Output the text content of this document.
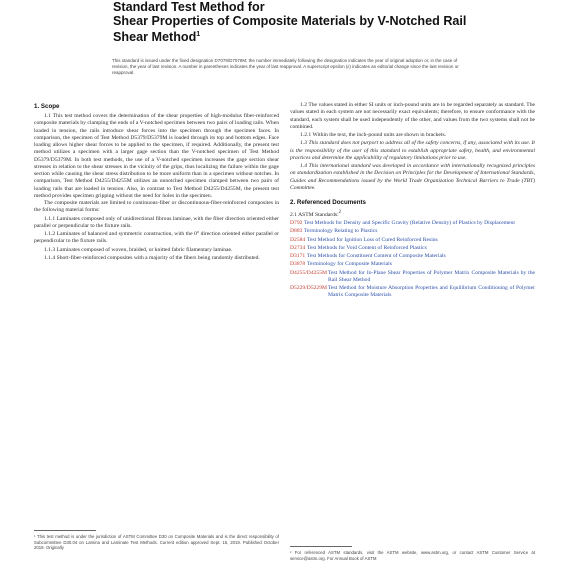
Standard Test Method for
Shear Properties of Composite Materials by V-Notched Rail
Shear Method$^1$
This standard is issued under the fixed designation D7078/D7078M; the number immediately following the designation indicates the year of original adoption or, in the case of revision, the year of last revision. A number in parentheses indicates the year of last reapproval. A superscript epsilon (ε) indicates an editorial change since the last revision or reapproval.
1. Scope

1.1 This test method covers the determination of the shear properties of high-modulus fiber-reinforced composite materials by clamping the ends of a V-notched specimen between two pairs of loading rails. When loaded in tension, the rails introduce shear forces into the specimen through the specimen faces. In comparison, the specimen of Test Method D5379/D5379M is loaded through its top and bottom edges. Face loading allows higher shear forces to be applied to the specimen, if required. Additionally, the present test method utilizes a specimen with a larger gage section than the V-notched specimen of Test Method D5379/D5379M. In both test methods, the use of a V-notched specimen increases the gage section shear stresses in relation to the shear stresses in the vicinity of the grips, thus localizing the failure within the gage section while causing the shear stress distribution to be more uniform than in a specimen without notches. In comparison, Test Method D4255/D4255M utilizes an unnotched specimen clamped between two pairs of loading rails that are loaded in tension. Also, in contrast to Test Method D4255/D4255M, the present test method provides specimen gripping without the need for holes in the specimen.

The composite materials are limited to continuous-fiber or discontinuous-fiber-reinforced composites in the following material forms:

1.1.1 Laminates composed only of unidirectional fibrous laminae, with the fiber direction oriented either parallel or perpendicular to the fixture rails.

1.1.2 Laminates of balanced and symmetric construction, with the 0° direction oriented either parallel or perpendicular to the fixture rails.

1.1.3 Laminates composed of woven, braided, or knitted fabric filamentary laminae.

1.1.4 Short-fiber-reinforced composites with a majority of the fibers being randomly distributed.

1.2 The values stated in either SI units or inch-pound units are to be regarded separately as standard. The values stated in each system are not necessarily exact equivalents; therefore, to ensure conformance with the standard, each system shall be used independently of the other, and values from the two systems shall not be combined.

1.2.1 Within the text, the inch-pound units are shown in brackets.

1.3 This standard does not purport to address all of the safety concerns, if any, associated with its use. It is the responsibility of the user of this standard to establish appropriate safety, health, and environmental practices and determine the applicability of regulatory limitations prior to use.

1.4 This international standard was developed in accordance with internationally recognized principles on standardization established in the Decision on Principles for the Development of International Standards, Guides and Recommendations issued by the World Trade Organization Technical Barriers to Trade (TBT) Committee.

2. Referenced Documents
2.1 ASTM Standards:$^2$
D792 Test Methods for Density and Specific Gravity (Relative Density) of Plastics by Displacement
D883 Terminology Relating to Plastics
D2584 Test Method for Ignition Loss of Cured Reinforced Resins
D2734 Test Methods for Void Content of Reinforced Plastics
D3171 Test Methods for Constituent Content of Composite Materials
D3878 Terminology for Composite Materials
D4255/D4255M Test Method for In-Plane Shear Properties of Polymer Matrix Composite Materials by the Rail Shear Method
D5229/D5229M Test Method for Moisture Absorption Properties and Equilibrium Conditioning of Polymer Matrix Composite Materials
¹ This test method is under the jurisdiction of ASTM Committee D30 on Composite Materials and is the direct responsibility of Subcommittee D30.04 on Lamina and Laminate Test Methods. Current edition approved Sept. 15, 2019. Published October 2019. Originally
² For referenced ASTM standards, visit the ASTM website, www.astm.org, or contact ASTM Customer Service at service@astm.org. For Annual Book of ASTM
